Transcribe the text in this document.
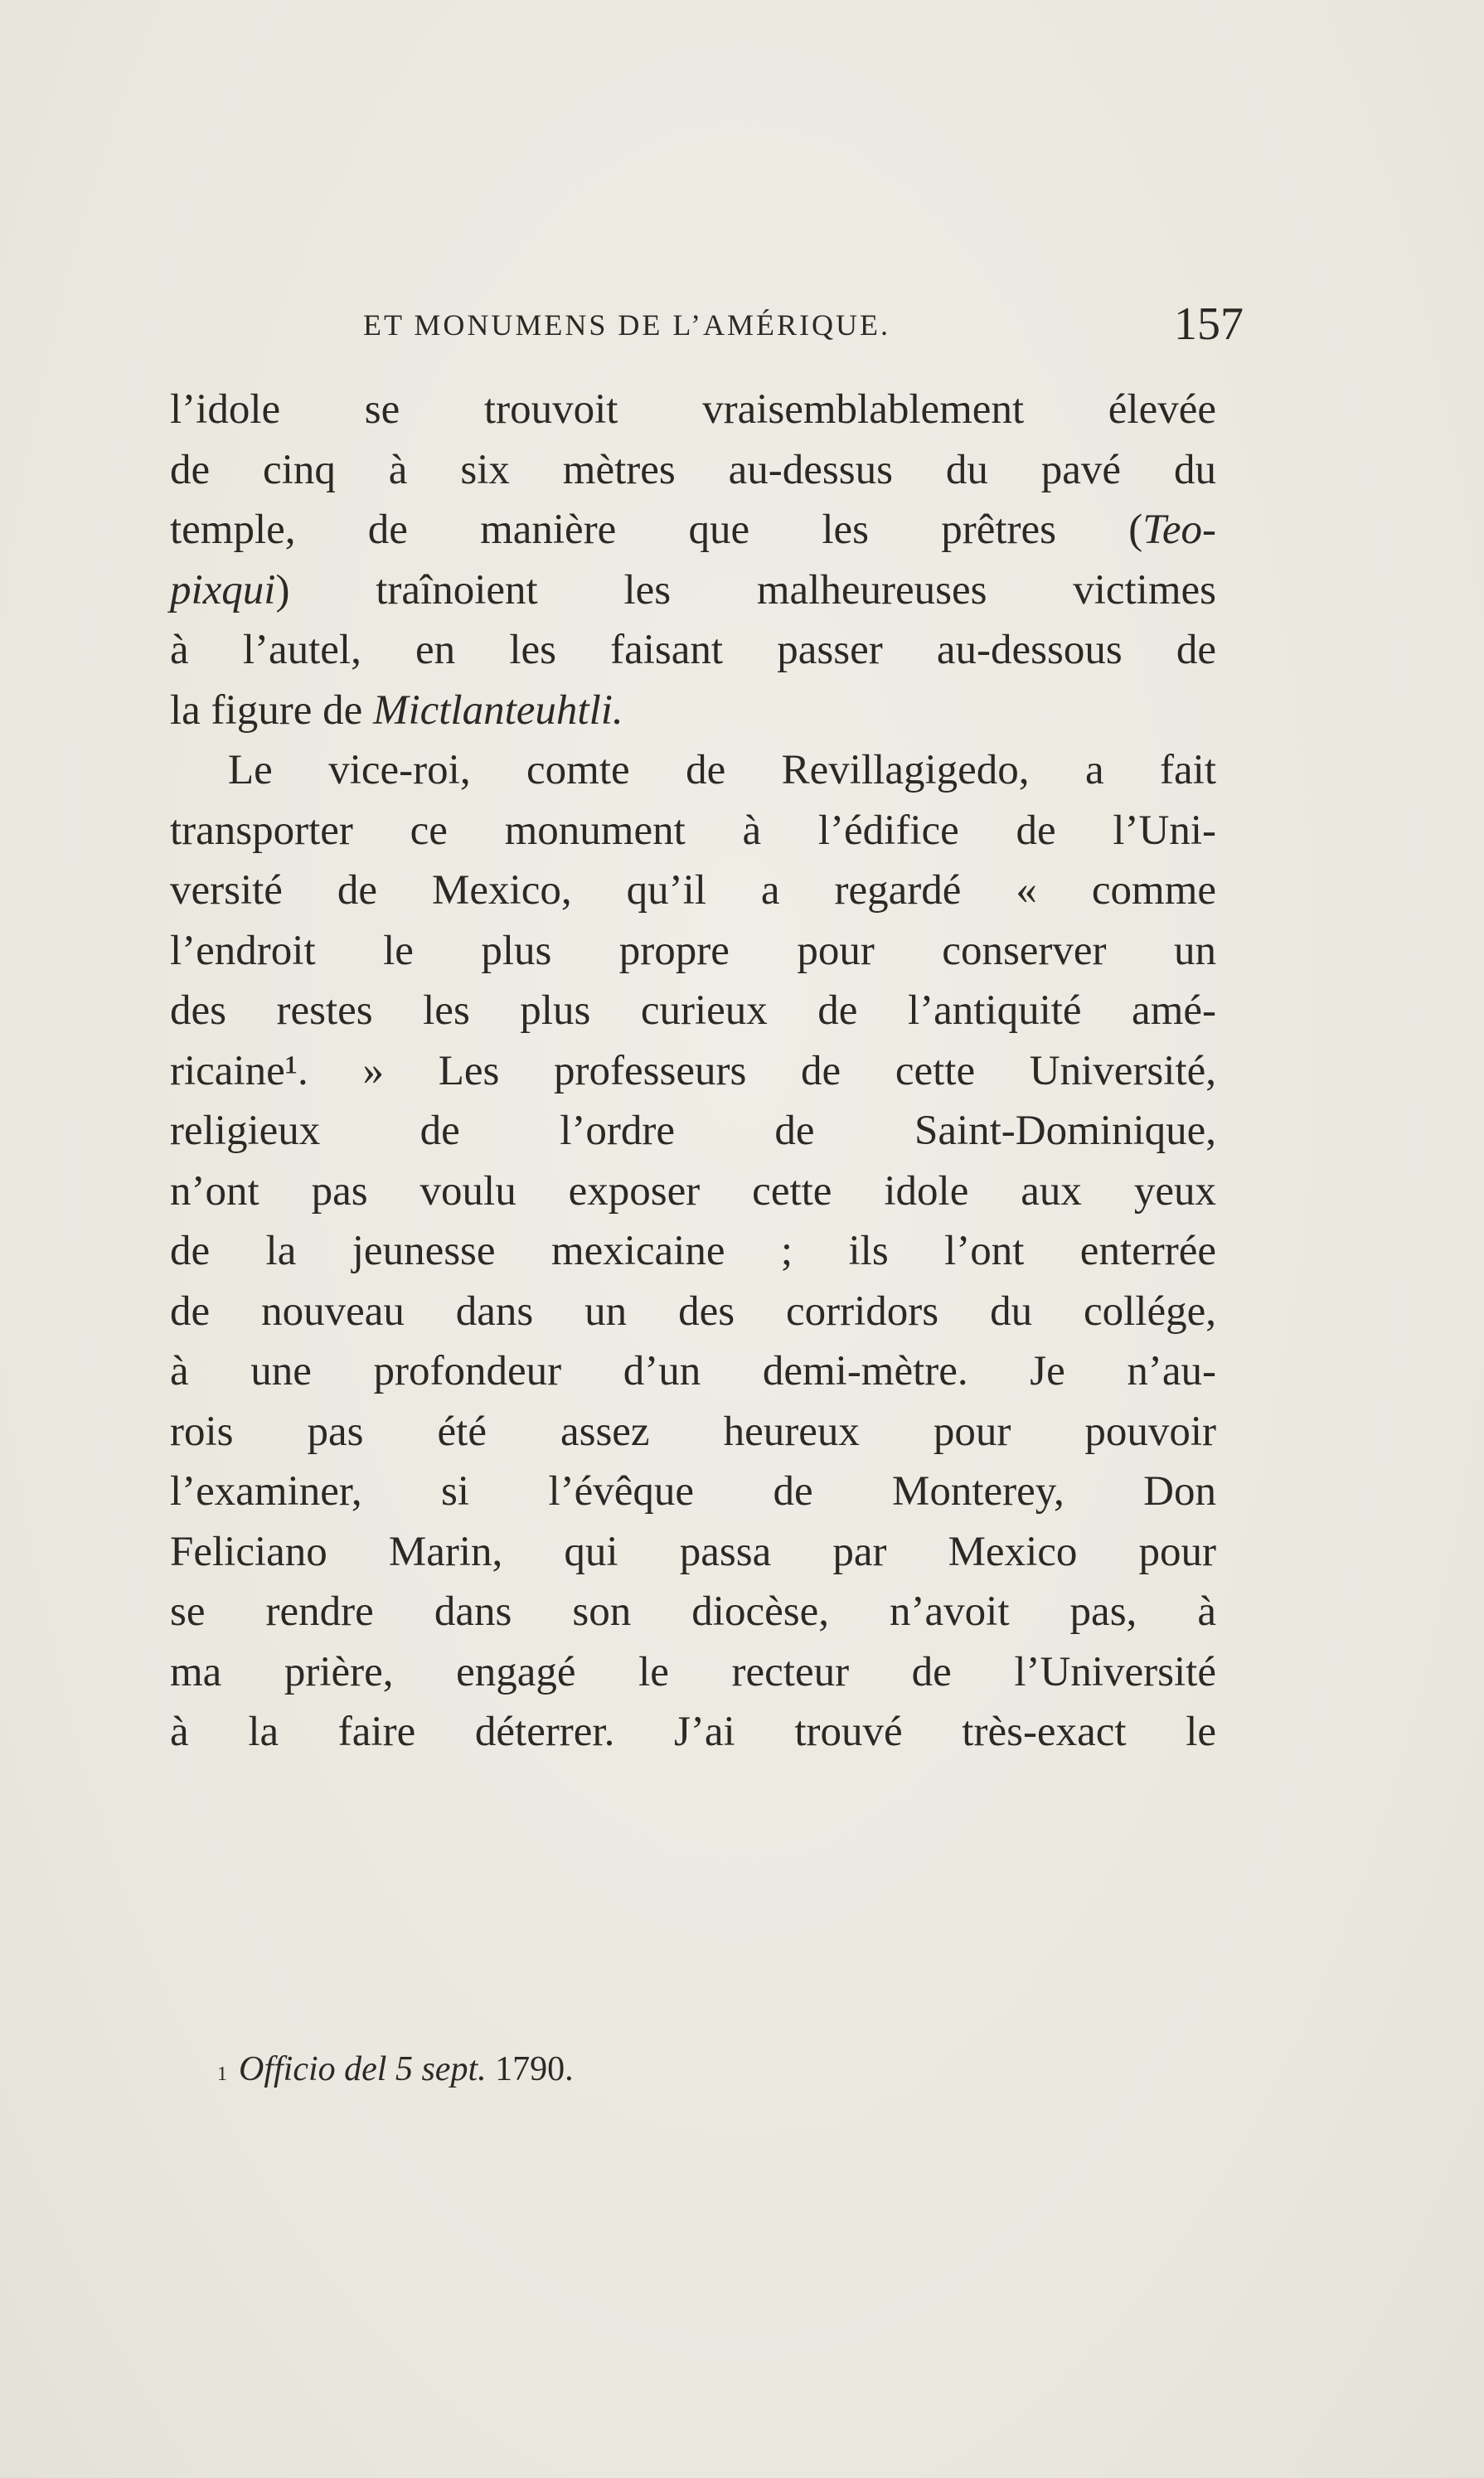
ET MONUMENS DE L’AMÉRIQUE.	157
l’idole se trouvoit vraisemblablement élevée
de cinq à six mètres au-dessus du pavé du
temple, de manière que les prêtres (Teo-
pixqui) traînoient les malheureuses victimes
à l’autel, en les faisant passer au-dessous de
la figure de Mictlanteuhtli.
Le vice-roi, comte de Revillagigedo, a fait
transporter ce monument à l’édifice de l’Uni-
versité de Mexico, qu’il a regardé « comme
l’endroit le plus propre pour conserver un
des restes les plus curieux de l’antiquité amé-
ricaine¹. » Les professeurs de cette Université,
religieux de l’ordre de Saint-Dominique,
n’ont pas voulu exposer cette idole aux yeux
de la jeunesse mexicaine ; ils l’ont enterrée
de nouveau dans un des corridors du collége,
à une profondeur d’un demi-mètre. Je n’au-
rois pas été assez heureux pour pouvoir
l’examiner, si l’évêque de Monterey, Don
Feliciano Marin, qui passa par Mexico pour
se rendre dans son diocèse, n’avoit pas, à
ma prière, engagé le recteur de l’Université
à la faire déterrer. J’ai trouvé très-exact le
$^1$ Officio del 5 sept. 1790.
